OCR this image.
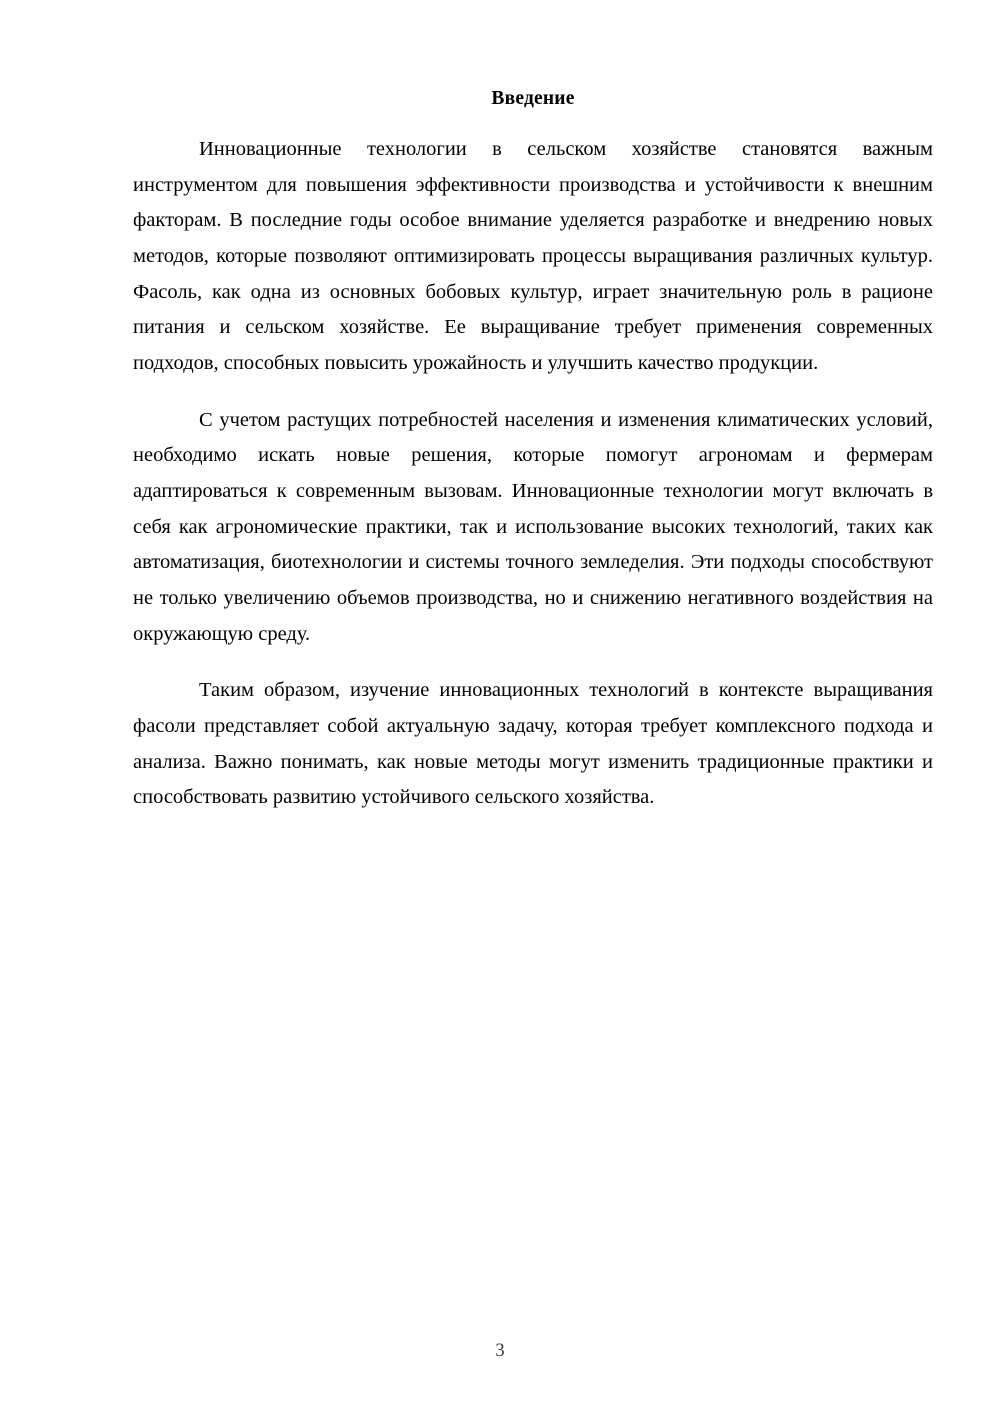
Введение

Инновационные технологии в сельском хозяйстве становятся важным инструментом для повышения эффективности производства и устойчивости к внешним факторам. В последние годы особое внимание уделяется разработке и внедрению новых методов, которые позволяют оптимизировать процессы выращивания различных культур. Фасоль, как одна из основных бобовых культур, играет значительную роль в рационе питания и сельском хозяйстве. Ее выращивание требует применения современных подходов, способных повысить урожайность и улучшить качество продукции.

С учетом растущих потребностей населения и изменения климатических условий, необходимо искать новые решения, которые помогут агрономам и фермерам адаптироваться к современным вызовам. Инновационные технологии могут включать в себя как агрономические практики, так и использование высоких технологий, таких как автоматизация, биотехнологии и системы точного земледелия. Эти подходы способствуют не только увеличению объемов производства, но и снижению негативного воздействия на окружающую среду.

Таким образом, изучение инновационных технологий в контексте выращивания фасоли представляет собой актуальную задачу, которая требует комплексного подхода и анализа. Важно понимать, как новые методы могут изменить традиционные практики и способствовать развитию устойчивого сельского хозяйства.

3
